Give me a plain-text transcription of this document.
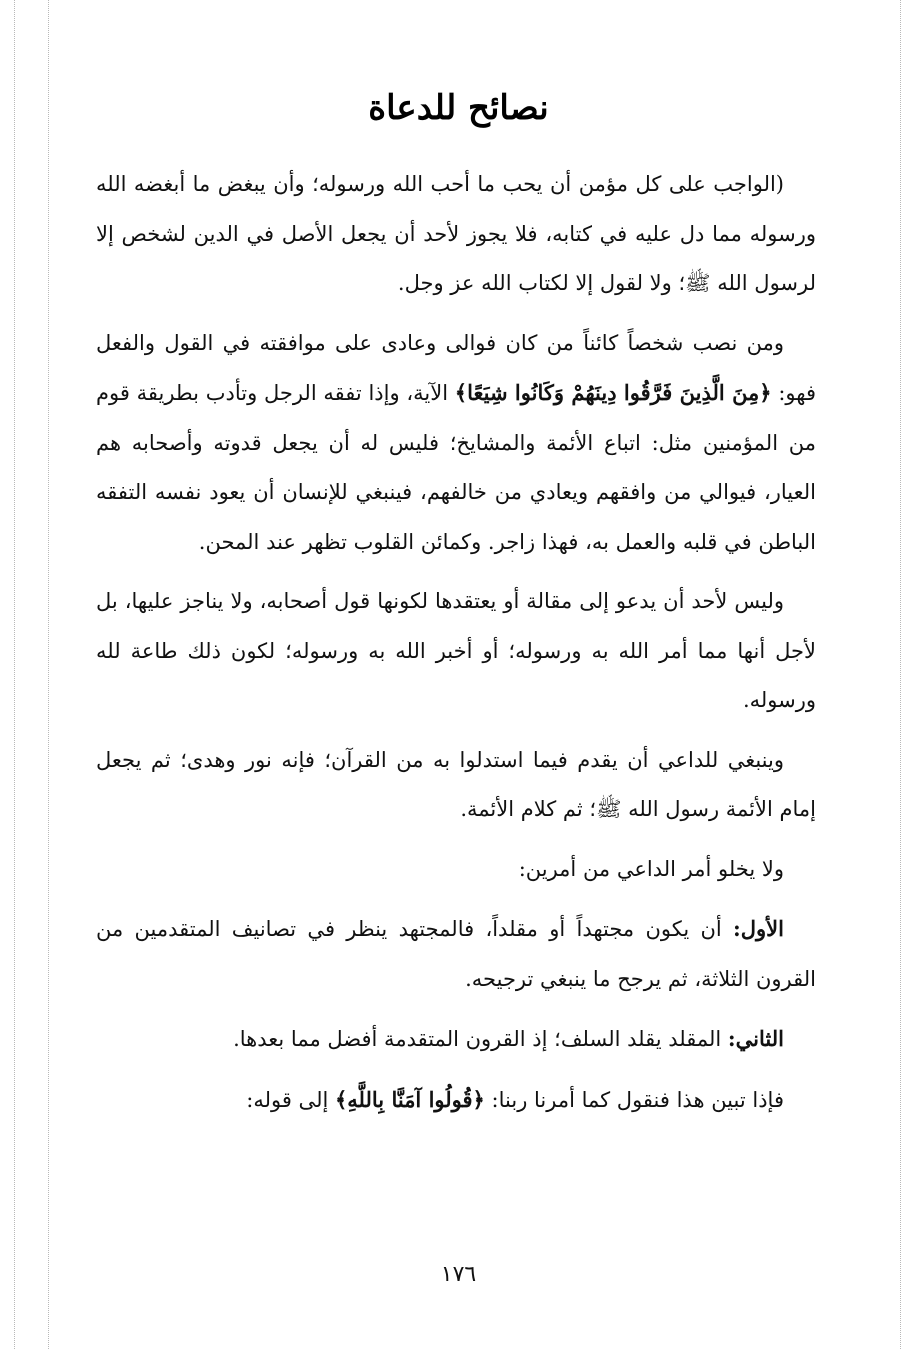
نصائح للدعاة

(الواجب على كل مؤمن أن يحب ما أحب الله ورسوله؛ وأن يبغض ما أبغضه الله ورسوله مما دل عليه في كتابه، فلا يجوز لأحد أن يجعل الأصل في الدين لشخص إلا لرسول الله ﷺ؛ ولا لقول إلا لكتاب الله عز وجل.

ومن نصب شخصاً كائناً من كان فوالى وعادى على موافقته في القول والفعل فهو: ﴿مِنَ الَّذِينَ فَرَّقُوا دِينَهُمْ وَكَانُوا شِيَعًا﴾ الآية، وإذا تفقه الرجل وتأدب بطريقة قوم من المؤمنين مثل: اتباع الأئمة والمشايخ؛ فليس له أن يجعل قدوته وأصحابه هم العيار، فيوالي من وافقهم ويعادي من خالفهم، فينبغي للإنسان أن يعود نفسه التفقه الباطن في قلبه والعمل به، فهذا زاجر. وكمائن القلوب تظهر عند المحن.

وليس لأحد أن يدعو إلى مقالة أو يعتقدها لكونها قول أصحابه، ولا يناجز عليها، بل لأجل أنها مما أمر الله به ورسوله؛ أو أخبر الله به ورسوله؛ لكون ذلك طاعة لله ورسوله.

وينبغي للداعي أن يقدم فيما استدلوا به من القرآن؛ فإنه نور وهدى؛ ثم يجعل إمام الأئمة رسول الله ﷺ؛ ثم كلام الأئمة.

ولا يخلو أمر الداعي من أمرين:

الأول: أن يكون مجتهداً أو مقلداً، فالمجتهد ينظر في تصانيف المتقدمين من القرون الثلاثة، ثم يرجح ما ينبغي ترجيحه.

الثاني: المقلد يقلد السلف؛ إذ القرون المتقدمة أفضل مما بعدها.

فإذا تبين هذا فنقول كما أمرنا ربنا: ﴿قُولُوا آمَنَّا بِاللَّهِ﴾ إلى قوله:

١٧٦
